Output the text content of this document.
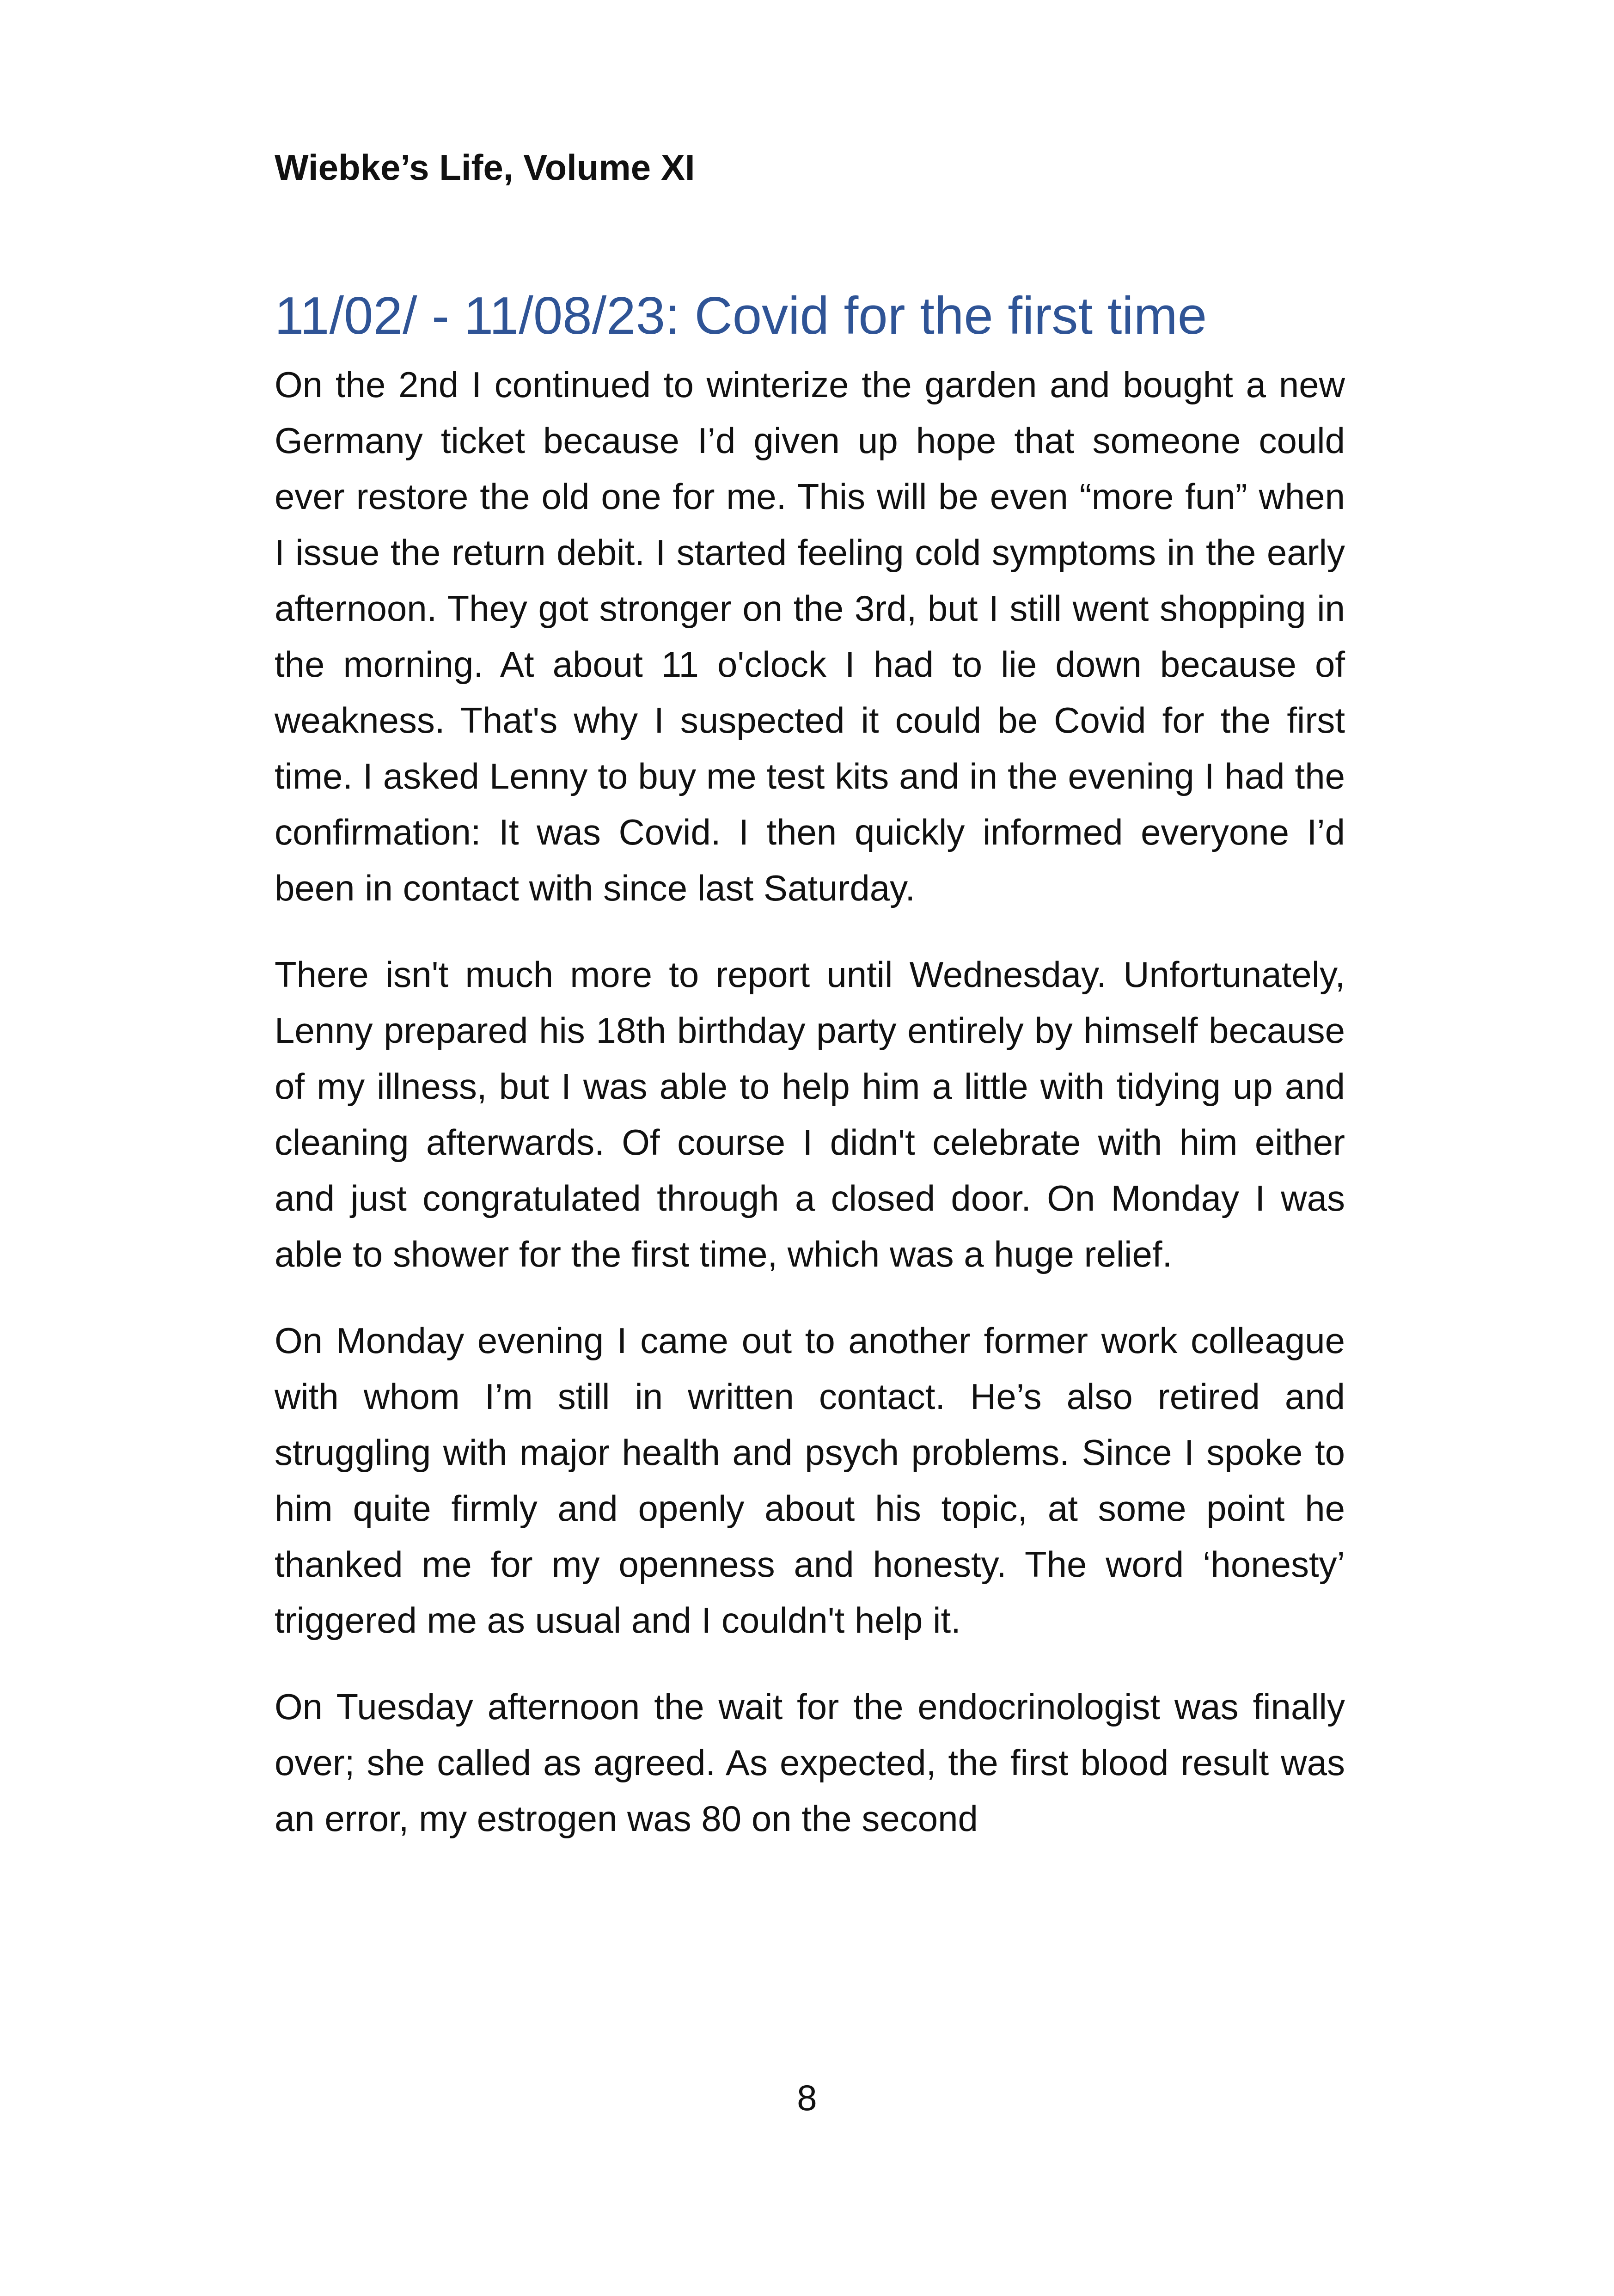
Wiebke’s Life, Volume XI

11/02/ - 11/08/23: Covid for the first time

On the 2nd I continued to winterize the garden and bought a new Germany ticket because I’d given up hope that someone could ever restore the old one for me. This will be even “more fun” when I issue the return debit. I started feeling cold symptoms in the early afternoon. They got stronger on the 3rd, but I still went shopping in the morning. At about 11 o'clock I had to lie down because of weakness. That's why I suspected it could be Covid for the first time. I asked Lenny to buy me test kits and in the evening I had the confirmation: It was Covid. I then quickly informed everyone I’d been in contact with since last Saturday.

There isn't much more to report until Wednesday. Unfortunately, Lenny prepared his 18th birthday party entirely by himself because of my illness, but I was able to help him a little with tidying up and cleaning afterwards. Of course I didn't celebrate with him either and just congratulated through a closed door. On Monday I was able to shower for the first time, which was a huge relief.

On Monday evening I came out to another former work colleague with whom I’m still in written contact. He’s also retired and struggling with major health and psych problems. Since I spoke to him quite firmly and openly about his topic, at some point he thanked me for my openness and honesty. The word ‘honesty’ triggered me as usual and I couldn't help it.

On Tuesday afternoon the wait for the endocrinologist was finally over; she called as agreed. As expected, the first blood result was an error, my estrogen was 80 on the second

8
